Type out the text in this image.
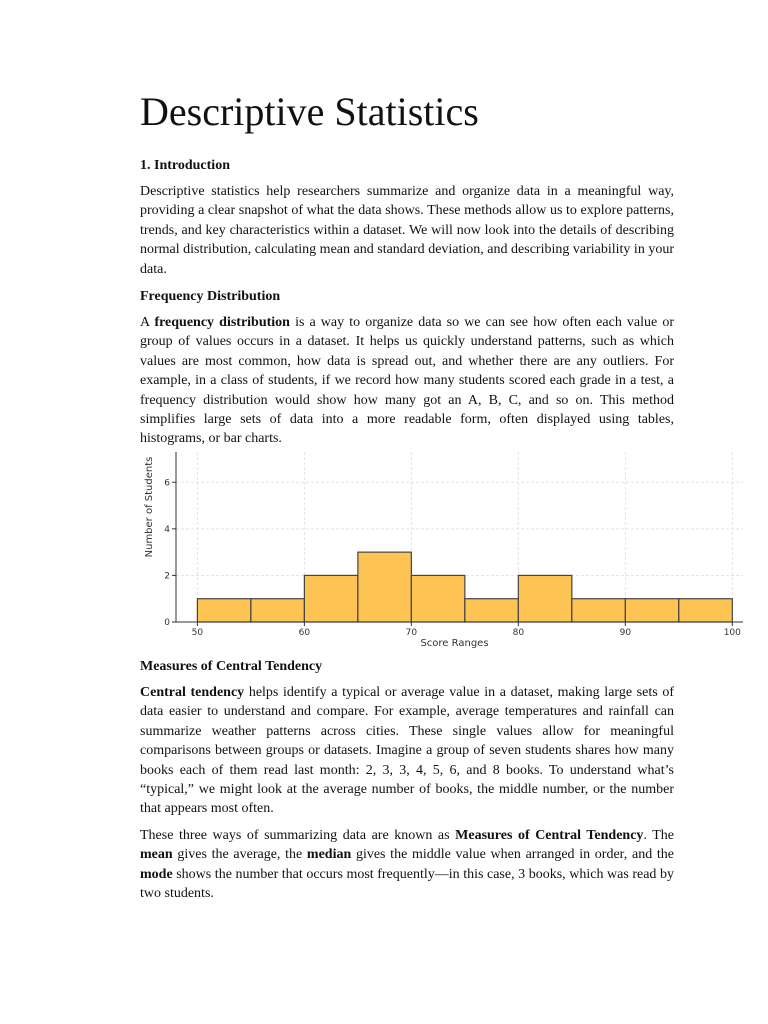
Descriptive Statistics
1. Introduction

Descriptive statistics help researchers summarize and organize data in a meaningful way, providing a clear snapshot of what the data shows. These methods allow us to explore patterns, trends, and key characteristics within a dataset. We will now look into the details of describing normal distribution, calculating mean and standard deviation, and describing variability in your data.

Frequency Distribution

A frequency distribution is a way to organize data so we can see how often each value or group of values occurs in a dataset. It helps us quickly understand patterns, such as which values are most common, how data is spread out, and whether there are any outliers. For example, in a class of students, if we record how many students scored each grade in a test, a frequency distribution would show how many got an A, B, C, and so on. This method simplifies large sets of data into a more readable form, often displayed using tables, histograms, or bar charts.

50	60	70	80	90	100
0
2
4
6
Score Ranges
Number of Students
Measures of Central Tendency

Central tendency helps identify a typical or average value in a dataset, making large sets of data easier to understand and compare. For example, average temperatures and rainfall can summarize weather patterns across cities. These single values allow for meaningful comparisons between groups or datasets. Imagine a group of seven students shares how many books each of them read last month: 2, 3, 3, 4, 5, 6, and 8 books. To understand what’s “typical,” we might look at the average number of books, the middle number, or the number that appears most often.

These three ways of summarizing data are known as Measures of Central Tendency. The mean gives the average, the median gives the middle value when arranged in order, and the mode shows the number that occurs most frequently—in this case, 3 books, which was read by two students.
